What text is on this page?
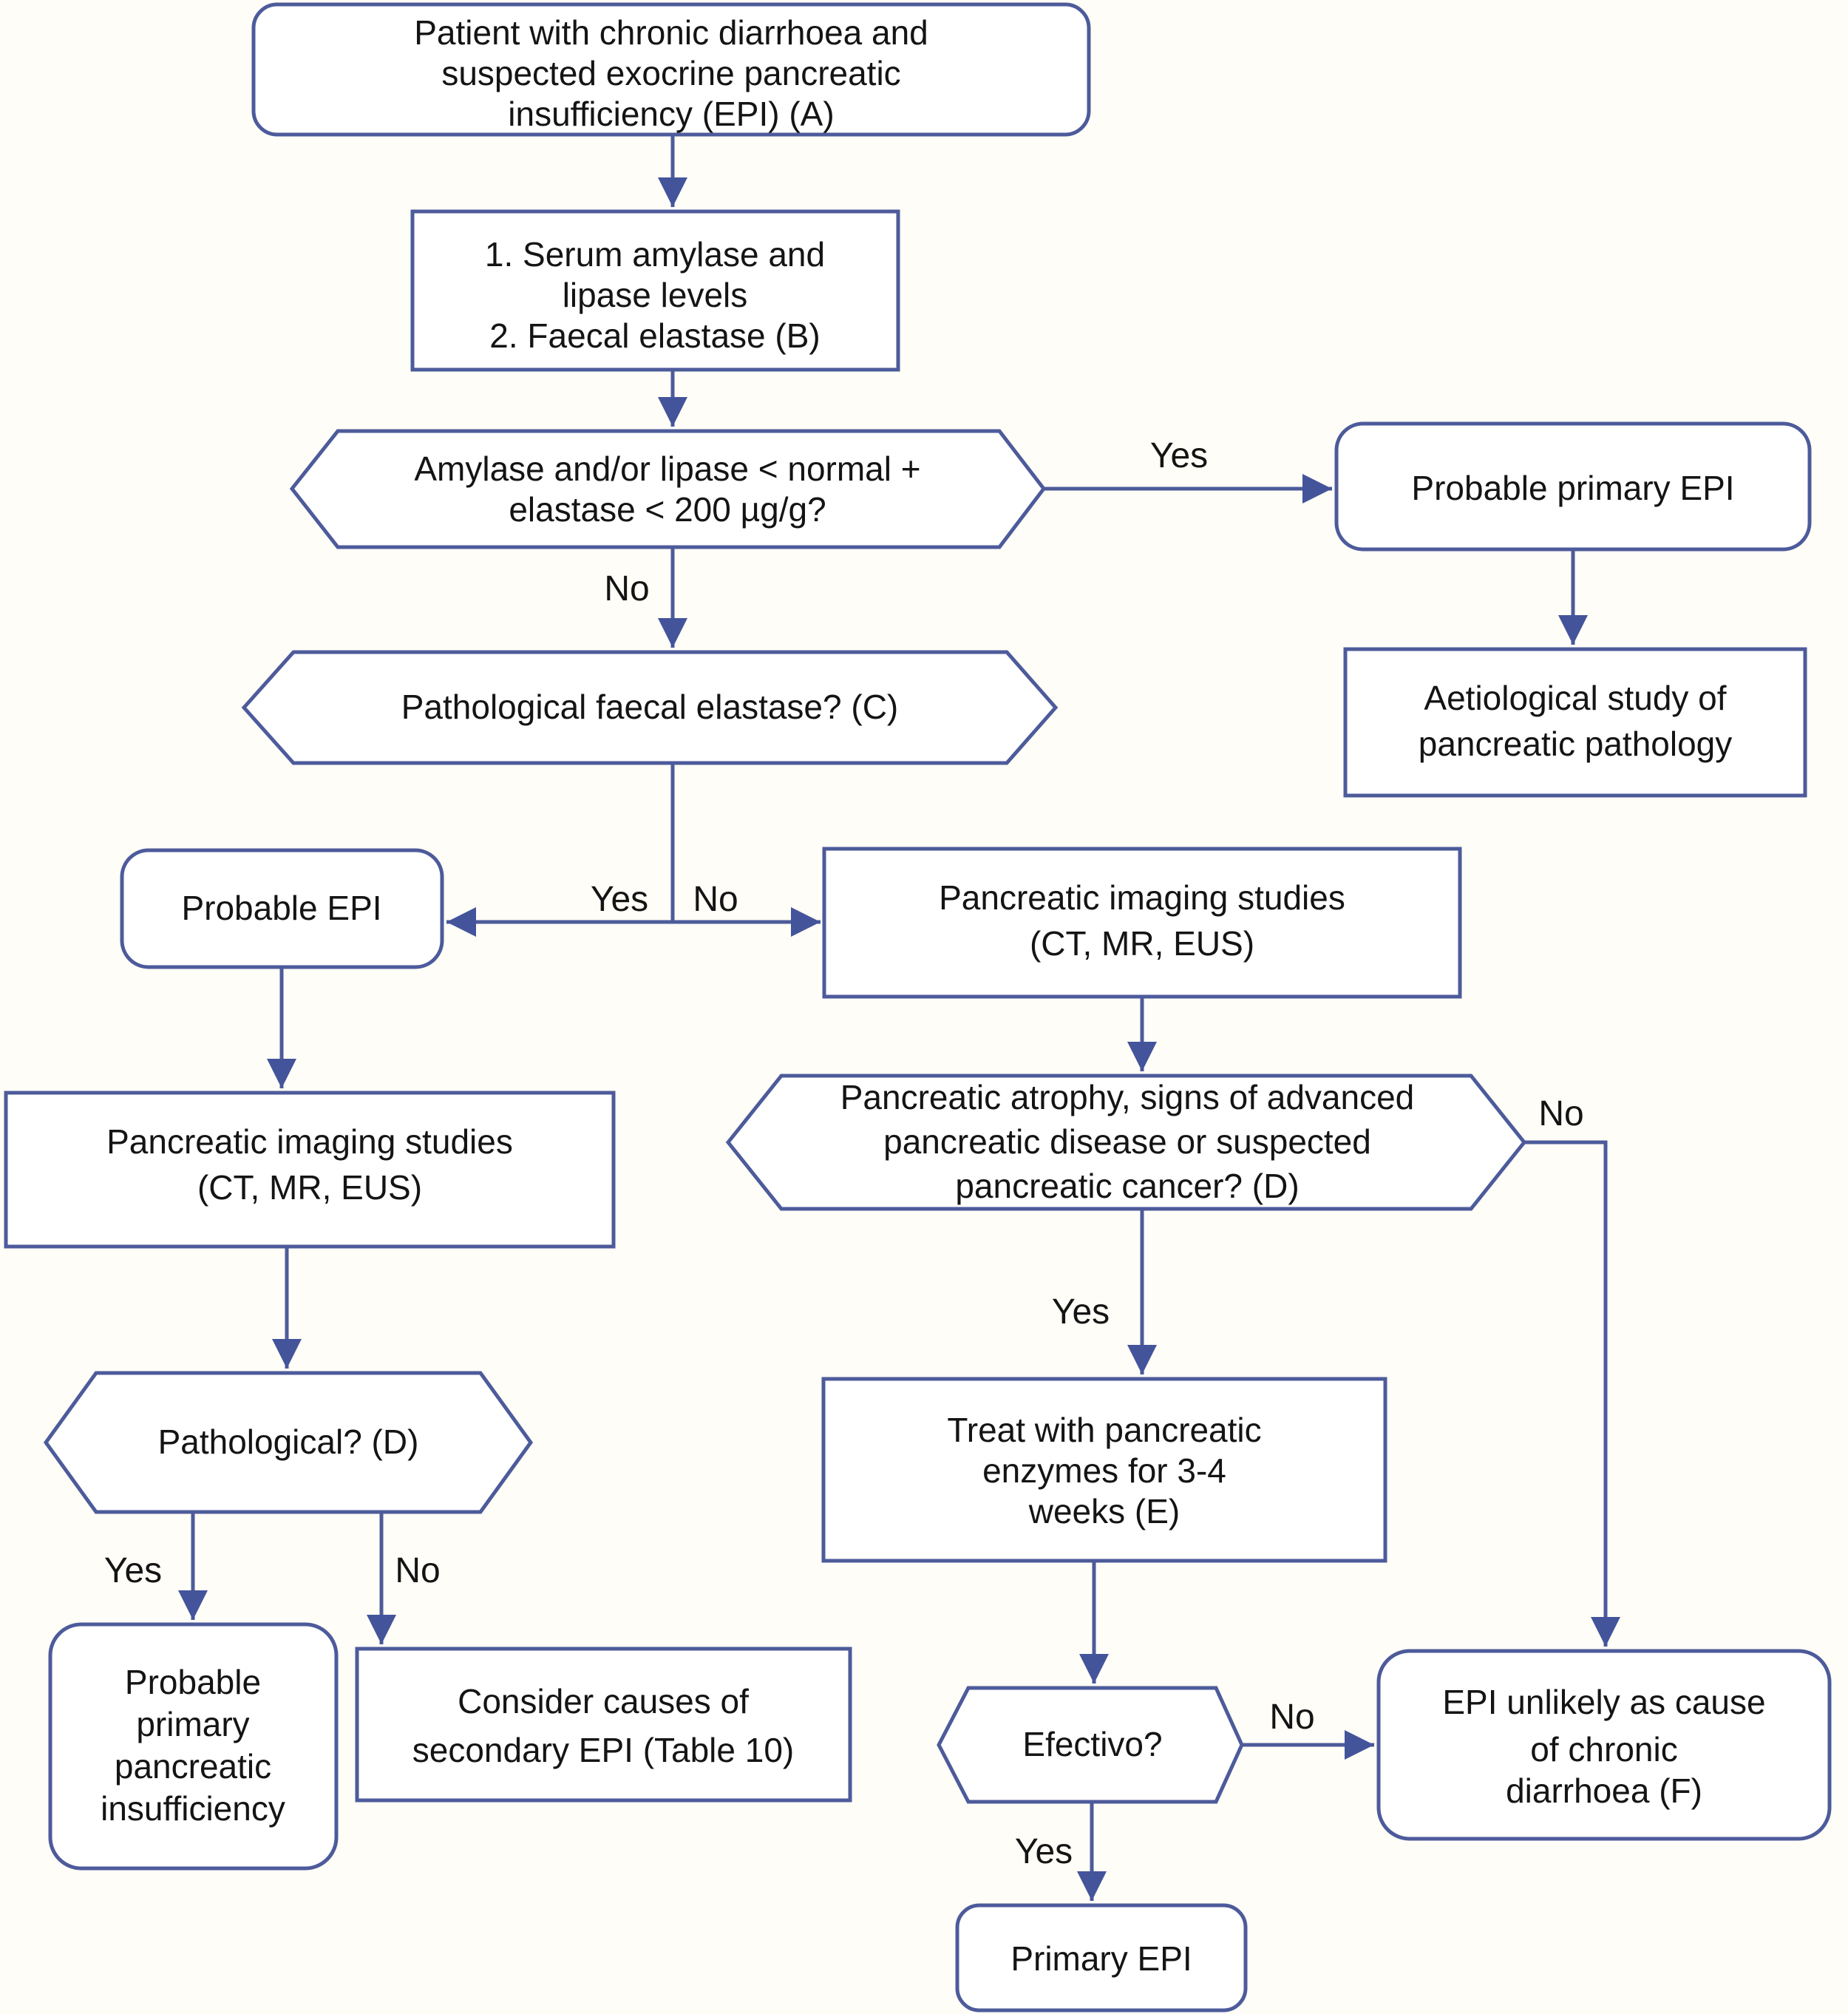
Yes
No
Yes No
Yes	No
Yes
No
No
Yes
Patient with chronic diarrhoea and
suspected exocrine pancreatic
insufficiency (EPI) (A)
1. Serum amylase and
lipase levels
2. Faecal elastase (B)
Amylase and/or lipase < normal +
elastase < 200 µg/g?
Probable primary EPI
Aetiological study of
pancreatic pathology
Pathological faecal elastase? (C)
Probable EPI	Pancreatic imaging studies
(CT, MR, EUS)
Pancreatic imaging studies
(CT, MR, EUS)
Pathological? (D)
Probable
primary
pancreatic
insufficiency
Consider causes of
secondary EPI (Table 10)
Pancreatic atrophy, signs of advanced
pancreatic disease or suspected
pancreatic cancer? (D)
Treat with pancreatic
enzymes for 3-4
weeks (E)
Efectivo?
EPI unlikely as cause
of chronic
diarrhoea (F)
Primary EPI
